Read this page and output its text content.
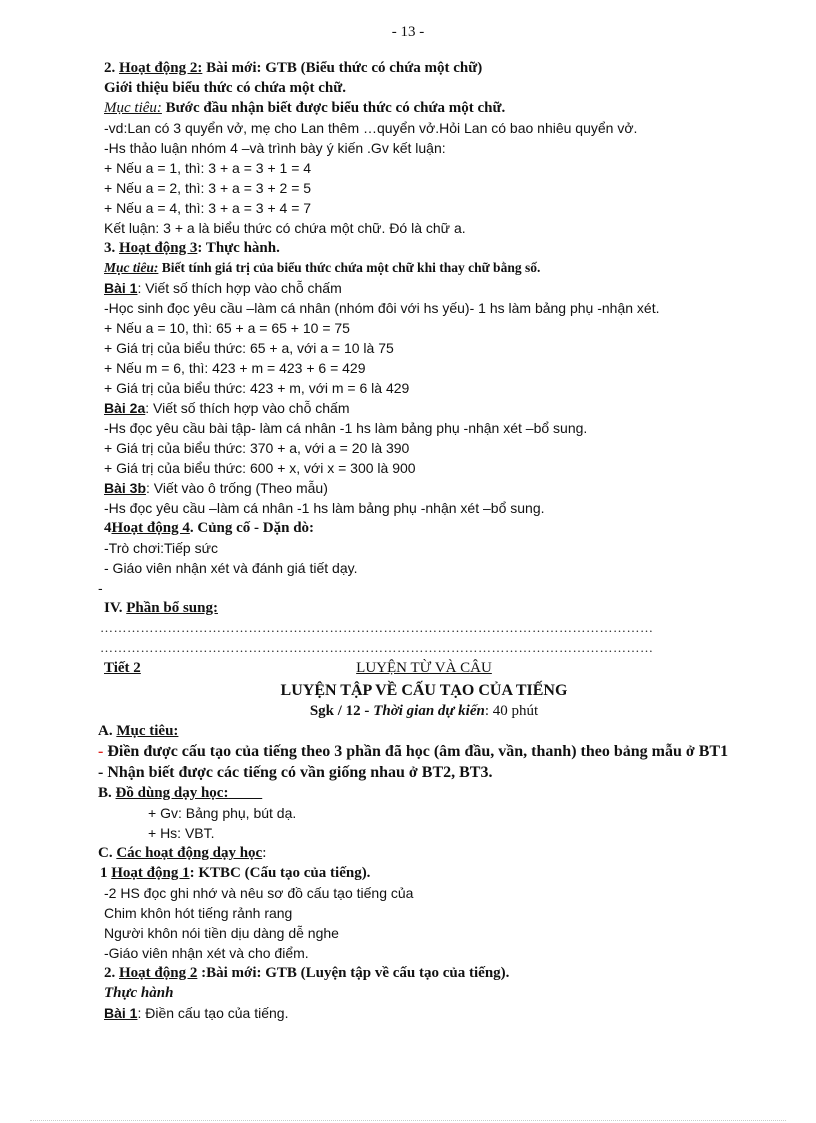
- 13 -
2. Hoạt động 2: Bài mới: GTB (Biểu thức có chứa một chữ)
Giới thiệu biểu thức có chứa một chữ.
Mục tiêu: Bước đầu nhận biết được biểu thức có chứa một chữ.
-vd:Lan có 3 quyển vở, mẹ cho Lan thêm …quyển vở.Hỏi Lan có bao nhiêu quyển vở.
-Hs thảo luận nhóm 4 –và trình bày ý kiến .Gv kết luận:
+ Nếu a = 1, thì: 3 + a = 3 + 1 = 4
+ Nếu a = 2, thì: 3 + a = 3 + 2 = 5
+ Nếu a = 4, thì: 3 + a = 3 + 4 = 7
Kết luận: 3 + a là biểu thức có chứa một chữ. Đó là chữ a.
3. Hoạt động 3: Thực hành.
Mục tiêu: Biết tính giá trị của biểu thức chứa một chữ khi thay chữ bằng số.
Bài 1: Viết số thích hợp vào chỗ chấm
-Học sinh đọc yêu cầu –làm cá nhân (nhóm đôi với hs yếu)- 1 hs làm bảng phụ -nhận xét.
+ Nếu a = 10, thì: 65 + a = 65 + 10 = 75
+ Giá trị của biểu thức: 65 + a, với a = 10 là 75
+ Nếu m = 6, thì: 423 + m = 423 + 6 = 429
+ Giá trị của biểu thức: 423 + m, với m = 6 là 429
Bài 2a: Viết số thích hợp vào chỗ chấm
-Hs đọc yêu cầu bài tập- làm cá nhân -1 hs làm bảng phụ -nhận xét –bổ sung.
+ Giá trị của biểu thức: 370 + a, với a = 20 là 390
+ Giá trị của biểu thức: 600 + x, với x = 300 là 900
Bài 3b: Viết vào ô trống (Theo mẫu)
-Hs đọc yêu cầu –làm cá nhân -1 hs làm bảng phụ -nhận xét –bổ sung.
4Hoạt động 4. Củng cố - Dặn dò:
-Trò chơi:Tiếp sức
- Giáo viên nhận xét và đánh giá tiết dạy.
-
IV. Phần bổ sung:
……………………………………………………………………………………………………………
……………………………………………………………………………………………………………
Tiết 2	LUYỆN TỪ VÀ CÂU
LUYỆN TẬP VỀ CẤU TẠO CỦA TIẾNG
Sgk / 12 - Thời gian dự kiến: 40 phút
A. Mục tiêu:
- Điền được cấu tạo của tiếng theo 3 phần đã học (âm đầu, vần, thanh) theo bảng mẫu ở BT1
- Nhận biết được các tiếng có vần giống nhau ở BT2, BT3.
B. Đồ dùng dạy học:
+ Gv: Bảng phụ, bút dạ.
+ Hs: VBT.
C. Các hoạt động dạy học:
1 Hoạt động 1: KTBC (Cấu tạo của tiếng).
-2 HS đọc ghi nhớ và nêu sơ đồ cấu tạo tiếng của
Chim khôn hót tiếng rảnh rang
Người khôn nói tiền dịu dàng dễ nghe
-Giáo viên nhận xét và cho điểm.
2. Hoạt động 2 :Bài mới: GTB (Luyện tập về cấu tạo của tiếng).
Thực hành
Bài 1: Điền cấu tạo của tiếng.
